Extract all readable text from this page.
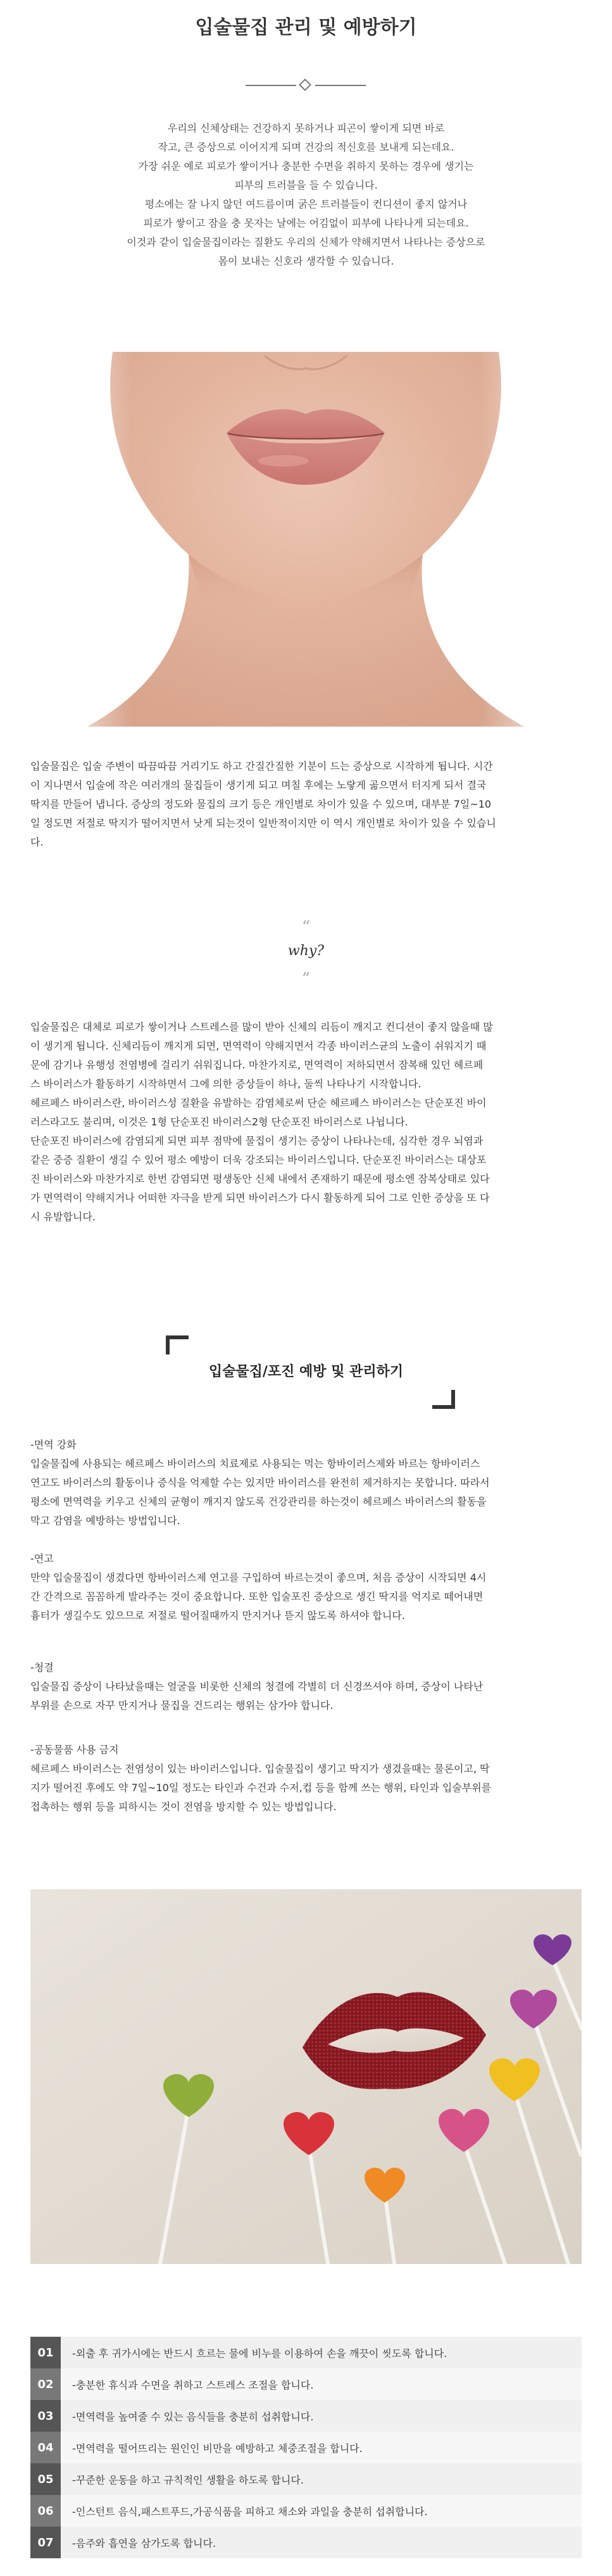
입술물집 관리 및 예방하기

우리의 신체상태는 건강하지 못하거나 피곤이 쌓이게 되면 바로

작고, 큰 증상으로 이어지게 되며 건강의 적신호를 보내게 되는데요.

가장 쉬운 예로 피로가 쌓이거나 충분한 수면을 취하지 못하는 경우에 생기는

피부의 트러블을 들 수 있습니다.

평소에는 잘 나지 않던 여드름이며 굵은 트러블들이 컨디션이 좋지 않거나

피로가 쌓이고 잠을 충 못자는 날에는 어김없이 피부에 나타나게 되는데요.

이것과 같이 입술물집이라는 질환도 우리의 신체가 약해지면서 나타나는 증상으로

몸이 보내는 신호라 생각할 수 있습니다.

입술물집은 입술 주변이 따끔따끔 거리기도 하고 간질간질한 기분이 드는 증상으로 시작하게 됩니다. 시간

이 지나면서 입술에 작은 여러개의 물집들이 생기게 되고 며칠 후에는 노랗게 곪으면서 터지게 되서 결국

딱지를 만들어 냅니다. 증상의 정도와 물집의 크기 등은 개인별로 차이가 있을 수 있으며, 대부분 7일~10

일 정도면 저절로 딱지가 떨어지면서 낫게 되는것이 일반적이지만 이 역시 개인별로 차이가 있을 수 있습니

다.

“
why?
”

입술물집은 대체로 피로가 쌓이거나 스트레스를 많이 받아 신체의 리듬이 깨지고 컨디션이 좋지 않을때 많

이 생기게 됩니다. 신체리듬이 깨지게 되면, 면역력이 약해지면서 각종 바이러스균의 노출이 쉬워지기 때

문에 감기나 유행성 전염병에 걸리기 쉬워집니다. 마찬가지로, 면역력이 저하되면서 잠복해 있던 헤르페

스 바이러스가 활동하기 시작하면서 그에 의한 증상들이 하나, 둘씩 나타나기 시작합니다.

헤르페스 바이러스란, 바이러스성 질환을 유발하는 감염체로써 단순 헤르페스 바이러스는 단순포진 바이

러스라고도 불리며, 이것은 1형 단순포진 바이러스2형 단순포진 바이러스로 나뉩니다.

단순포진 바이러스에 감염되게 되면 피부 점막에 물집이 생기는 증상이 나타나는데, 심각한 경우 뇌염과

같은 중증 질환이 생길 수 있어 평소 예방이 더욱 강조되는 바이러스입니다. 단순포진 바이러스는 대상포

진 바이러스와 마찬가지로 한번 감염되면 평생동안 신체 내에서 존재하기 때문에 평소엔 잠복상태로 있다

가 면역력이 약해지거나 어떠한 자극을 받게 되면 바이러스가 다시 활동하게 되어 그로 인한 증상을 또 다

시 유발합니다.

입술물집/포진 예방 및 관리하기

-면역 강화

입술물집에 사용되는 헤르페스 바이러스의 치료제로 사용되는 먹는 항바이러스제와 바르는 항바이러스

연고도 바이러스의 활동이나 증식을 억제할 수는 있지만 바이러스를 완전히 제거하지는 못합니다. 따라서

평소에 면역력을 키우고 신체의 균형이 깨지지 않도록 건강관리를 하는것이 헤르페스 바이러스의 활동을

막고 감염을 예방하는 방법입니다.

-연고

만약 입술물집이 생겼다면 항바이러스제 연고를 구입하여 바르는것이 좋으며, 처음 증상이 시작되면 4시

간 간격으로 꼼꼼하게 발라주는 것이 중요합니다. 또한 입술포진 증상으로 생긴 딱지를 억지로 떼어내면

흉터가 생길수도 있으므로 저절로 떨어질때까지 만지거나 뜯지 않도록 하셔야 합니다.

-청결

입술물집 증상이 나타났을때는 얼굴을 비롯한 신체의 청결에 각별히 더 신경쓰셔야 하며, 증상이 나타난

부위를 손으로 자꾸 만지거나 물집을 건드리는 행위는 삼가야 합니다.

-공동물품 사용 금지

헤르페스 바이러스는 전염성이 있는 바이러스입니다. 입술물집이 생기고 딱지가 생겼을때는 물론이고, 딱

지가 떨어진 후에도 약 7일~10일 정도는 타인과 수건과 수저,컵 등을 함께 쓰는 행위, 타인과 입술부위를

접촉하는 행위 등을 피하시는 것이 전염을 방지할 수 있는 방법입니다.

01	-외출 후 귀가시에는 반드시 흐르는 물에 비누를 이용하여 손을 깨끗이 씻도록 합니다.
02	-충분한 휴식과 수면을 취하고 스트레스 조절을 합니다.
03	-면역력을 높여줄 수 있는 음식들을 충분히 섭취합니다.
04	-면역력을 떨어뜨리는 원인인 비만을 예방하고 체중조절을 합니다.
05	-꾸준한 운동을 하고 규칙적인 생활을 하도록 합니다.
06	-인스턴트 음식,패스트푸드,가공식품을 피하고 채소와 과일을 충분히 섭취합니다.
07	-음주와 흡연을 삼가도록 합니다.
